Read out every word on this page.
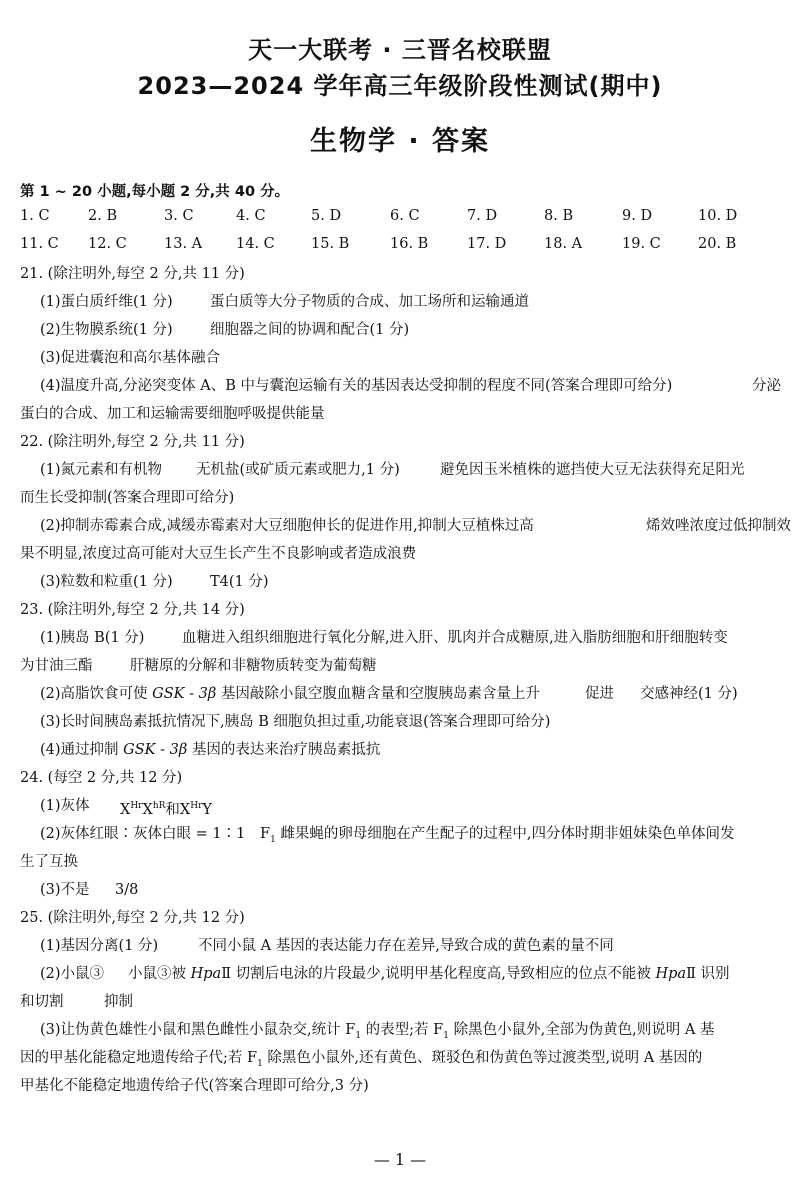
天一大联考 · 三晋名校联盟
2023—2024 学年高三年级阶段性测试(期中)
生物学 · 答案
第 1 ~ 20 小题,每小题 2 分,共 40 分。
1. C	2. B	3. C	4. C	5. D	6. C	7. D	8. B	9. D	10. D
11. C 12. C	13. A 14. C 15. B	16. B	17. D	18. A	19. C	20. B
21. (除注明外,每空 2 分,共 11 分)
(1)蛋白质纤维(1 分)	蛋白质等大分子物质的合成、加工场所和运输通道
(2)生物膜系统(1 分)	细胞器之间的协调和配合(1 分)
(3)促进囊泡和高尔基体融合
(4)温度升高,分泌突变体 A、B 中与囊泡运输有关的基因表达受抑制的程度不同(答案合理即可给分)	分泌
蛋白的合成、加工和运输需要细胞呼吸提供能量
22. (除注明外,每空 2 分,共 11 分)
(1)氮元素和有机物 无机盐(或矿质元素或肥力,1 分)	避免因玉米植株的遮挡使大豆无法获得充足阳光
而生长受抑制(答案合理即可给分)
(2)抑制赤霉素合成,减缓赤霉素对大豆细胞伸长的促进作用,抑制大豆植株过高	烯效唑浓度过低抑制效
果不明显,浓度过高可能对大豆生长产生不良影响或者造成浪费
(3)粒数和粒重(1 分)	T4(1 分)
23. (除注明外,每空 2 分,共 14 分)
(1)胰岛 B(1 分)	血糖进入组织细胞进行氧化分解,进入肝、肌肉并合成糖原,进入脂肪细胞和肝细胞转变
为甘油三酯	肝糖原的分解和非糖物质转变为葡萄糖
(2)高脂饮食可使 GSK - 3β 基因敲除小鼠空腹血糖含量和空腹胰岛素含量上升	促进 交感神经(1 分)
(3)长时间胰岛素抵抗情况下,胰岛 B 细胞负担过重,功能衰退(答案合理即可给分)
(4)通过抑制 GSK - 3β 基因的表达来治疗胰岛素抵抗
24. (每空 2 分,共 12 分)
(1)灰体 $X^{Hr}X^{hR}$和$X^{Hr}Y$
(2)灰体红眼∶灰体白眼 = 1∶1 $F_1$ 雌果蝇的卵母细胞在产生配子的过程中,四分体时期非姐妹染色单体间发
生了互换
(3)不是 3/8
25. (除注明外,每空 2 分,共 12 分)
(1)基因分离(1 分)	不同小鼠 A 基因的表达能力存在差异,导致合成的黄色素的量不同
(2)小鼠③ 小鼠③被 HpaⅡ 切割后电泳的片段最少,说明甲基化程度高,导致相应的位点不能被 HpaⅡ 识别
和切割	抑制
(3)让伪黄色雄性小鼠和黑色雌性小鼠杂交,统计 $F_1$ 的表型;若 $F_1$ 除黑色小鼠外,全部为伪黄色,则说明 A 基
因的甲基化能稳定地遗传给子代;若 $F_1$ 除黑色小鼠外,还有黄色、斑驳色和伪黄色等过渡类型,说明 A 基因的
甲基化不能稳定地遗传给子代(答案合理即可给分,3 分)
— 1 —
